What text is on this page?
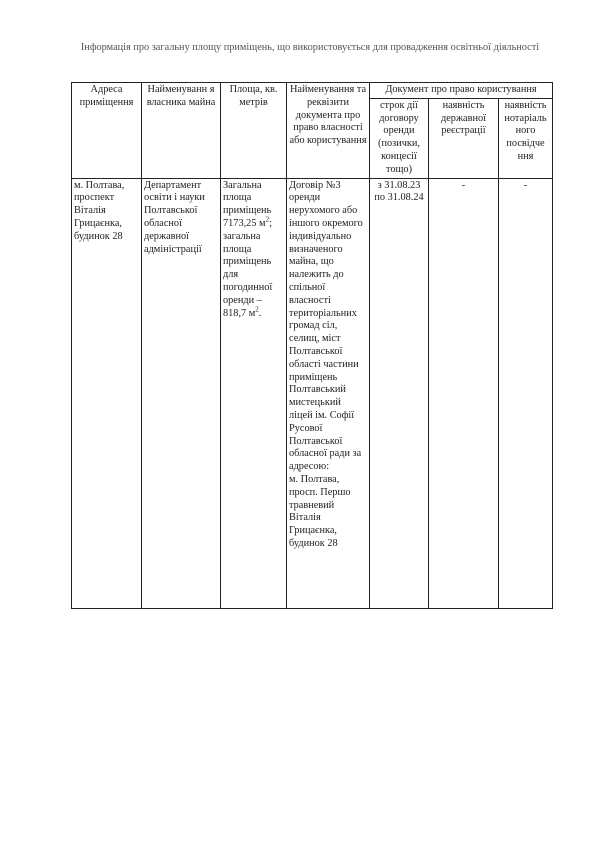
Інформація про загальну площу приміщень, що використовується для провадження освітньої діяльності
Адреса приміщення	Найменуванн я власника майна	Площа, кв. метрів	Найменування та реквізити документа про право власності або користування	Документ про право користування		
				строк дії договору оренди (позички, концесії тощо)	наявність державної реєстрації	наявність нотаріаль ного посвідче ння
м. Полтава, проспект Віталія Грицаєнка, будинок 28	Департамент освіти і науки Полтавської обласної державної адміністрації	Загальна площа приміщень 7173,25 $м^2$; загальна площа приміщень для погодинної оренди – 818,7 $м^2$.	Договір №3 оренди нерухомого або іншого окремого індивідуально визначеного майна, що належить до спільної власності територіальних громад сіл, селищ, міст Полтавської області частини приміщень Полтавський мистецький ліцей ім. Софії Русової Полтавської обласної ради за адресою:
м. Полтава, просп. Першо травневий Віталія Грицаєнка, будинок 28	з 31.08.23 по 31.08.24	-	-
